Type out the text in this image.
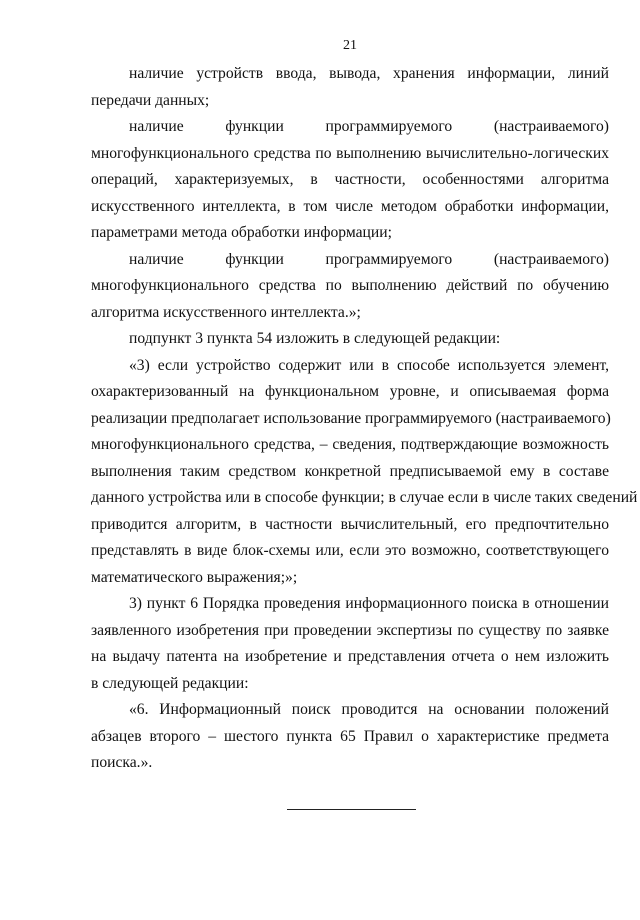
21
наличие устройств ввода, вывода, хранения информации, линий
передачи данных;
наличие функции программируемого (настраиваемого)
многофункционального средства по выполнению вычислительно-логических
операций, характеризуемых, в частности, особенностями алгоритма
искусственного интеллекта, в том числе методом обработки информации,
параметрами метода обработки информации;
наличие функции программируемого (настраиваемого)
многофункционального средства по выполнению действий по обучению
алгоритма искусственного интеллекта.»;
подпункт 3 пункта 54 изложить в следующей редакции:
«3) если устройство содержит или в способе используется элемент,
охарактеризованный на функциональном уровне, и описываемая форма
реализации предполагает использование программируемого (настраиваемого)
многофункционального средства, – сведения, подтверждающие возможность
выполнения таким средством конкретной предписываемой ему в составе
данного устройства или в способе функции; в случае если в числе таких сведений
приводится алгоритм, в частности вычислительный, его предпочтительно
представлять в виде блок-схемы или, если это возможно, соответствующего
математического выражения;»;
3) пункт 6 Порядка проведения информационного поиска в отношении
заявленного изобретения при проведении экспертизы по существу по заявке
на выдачу патента на изобретение и представления отчета о нем изложить
в следующей редакции:
«6. Информационный поиск проводится на основании положений
абзацев второго – шестого пункта 65 Правил о характеристике предмета
поиска.».
